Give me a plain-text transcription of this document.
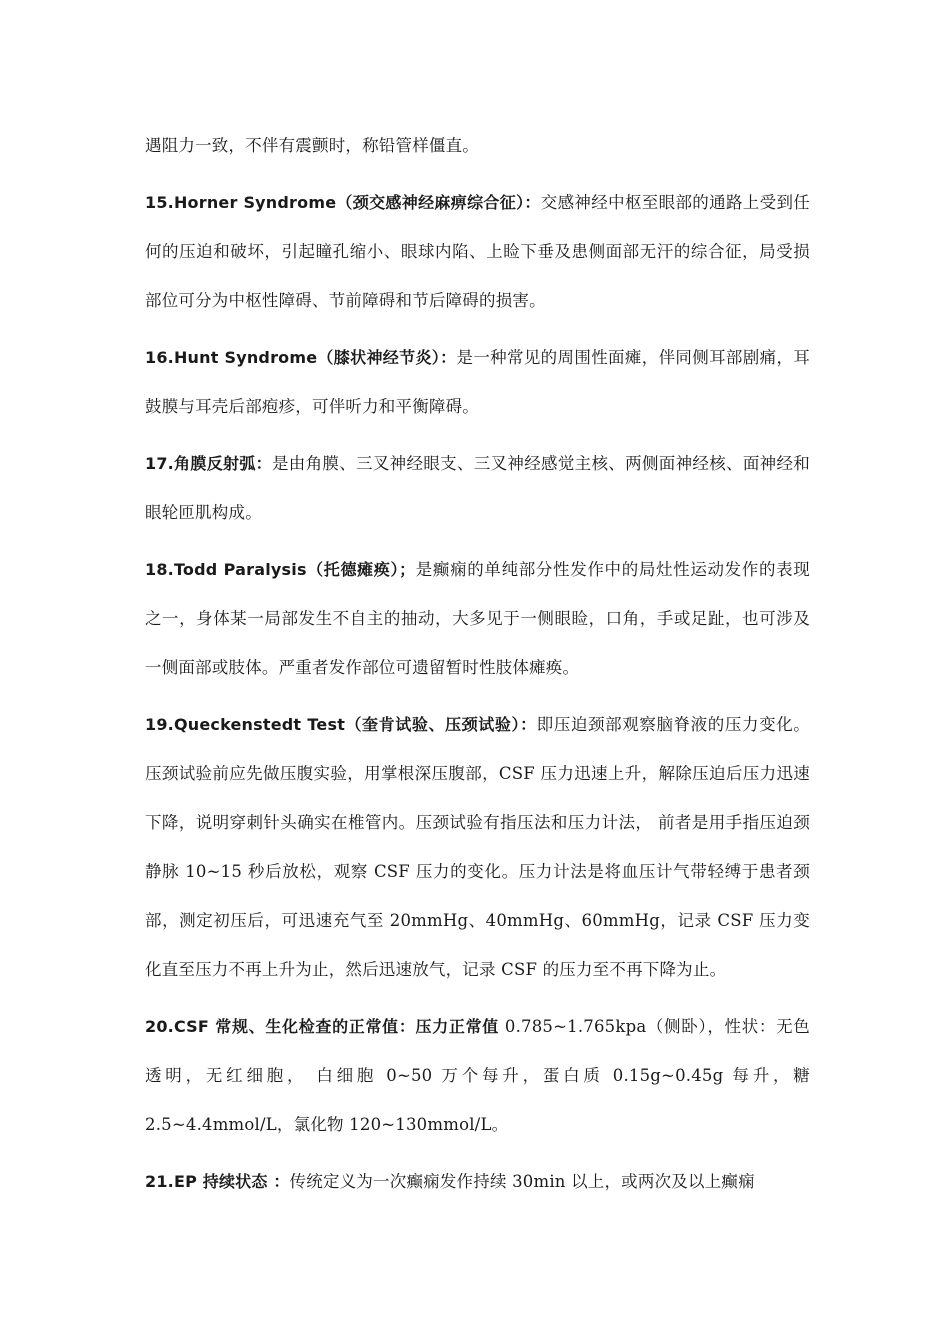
遇阻力一致，不伴有震颤时，称铅管样僵直。

15.Horner Syndrome（颈交感神经麻痹综合征）：交感神经中枢至眼部的通路上受到任何的压迫和破坏，引起瞳孔缩小、眼球内陷、上睑下垂及患侧面部无汗的综合征，局受损部位可分为中枢性障碍、节前障碍和节后障碍的损害。

16.Hunt Syndrome（膝状神经节炎）：是一种常见的周围性面瘫，伴同侧耳部剧痛，耳鼓膜与耳壳后部疱疹，可伴听力和平衡障碍。

17.角膜反射弧：是由角膜、三叉神经眼支、三叉神经感觉主核、两侧面神经核、面神经和眼轮匝肌构成。

18.Todd Paralysis（托德瘫痪）；是癫痫的单纯部分性发作中的局灶性运动发作的表现之一，身体某一局部发生不自主的抽动，大多见于一侧眼睑，口角，手或足趾，也可涉及一侧面部或肢体。严重者发作部位可遗留暂时性肢体瘫痪。

19.Queckenstedt Test（奎肯试验、压颈试验）：即压迫颈部观察脑脊液的压力变化。压颈试验前应先做压腹实验，用掌根深压腹部，CSF 压力迅速上升，解除压迫后压力迅速下降，说明穿刺针头确实在椎管内。压颈试验有指压法和压力计法， 前者是用手指压迫颈静脉 10~15 秒后放松，观察 CSF 压力的变化。压力计法是将血压计气带轻缚于患者颈部，测定初压后，可迅速充气至 20mmHg、40mmHg、60mmHg，记录 CSF 压力变化直至压力不再上升为止，然后迅速放气，记录 CSF 的压力至不再下降为止。

20.CSF 常规、生化检查的正常值：压力正常值 0.785~1.765kpa（侧卧），性状：无色透明，无红细胞， 白细胞 0~50 万个每升，蛋白质 0.15g~0.45g 每升，糖 2.5~4.4mmol/L，氯化物 120~130mmol/L。

21.EP 持续状态 ：传统定义为一次癫痫发作持续 30min 以上，或两次及以上癫痫
